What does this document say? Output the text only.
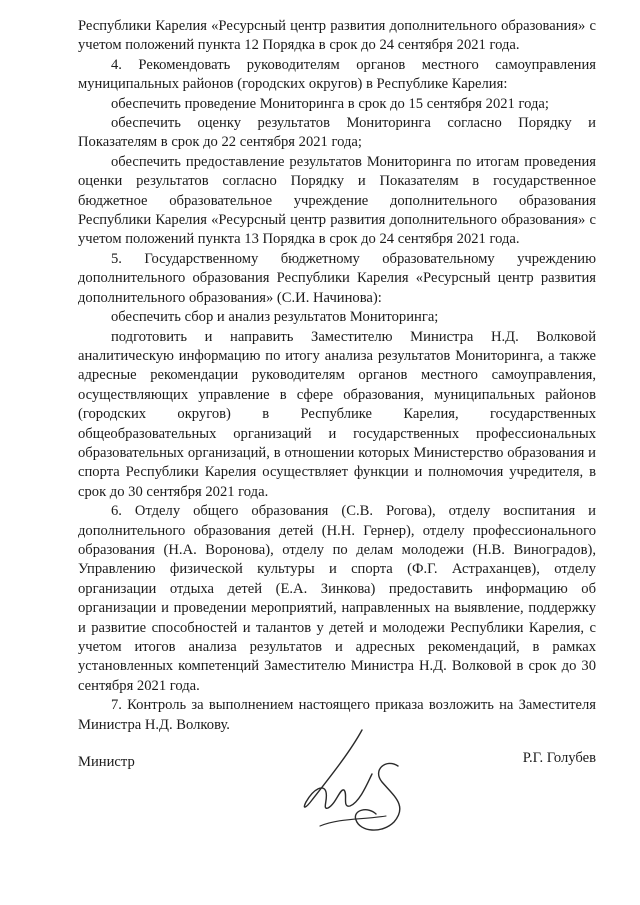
Республики Карелия «Ресурсный центр развития дополнительного образования» с учетом положений пункта 12 Порядка в срок до 24 сентября 2021 года.

4. Рекомендовать руководителям органов местного самоуправления муниципальных районов (городских округов) в Республике Карелия:

обеспечить проведение Мониторинга в срок до 15 сентября 2021 года;

обеспечить оценку результатов Мониторинга согласно Порядку и Показателям в срок до 22 сентября 2021 года;

обеспечить предоставление результатов Мониторинга по итогам проведения оценки результатов согласно Порядку и Показателям в государственное бюджетное образовательное учреждение дополнительного образования Республики Карелия «Ресурсный центр развития дополнительного образования» с учетом положений пункта 13 Порядка в срок до 24 сентября 2021 года.

5. Государственному бюджетному образовательному учреждению дополнительного образования Республики Карелия «Ресурсный центр развития дополнительного образования» (С.И. Начинова):

обеспечить сбор и анализ результатов Мониторинга;

подготовить и направить Заместителю Министра Н.Д. Волковой аналитическую информацию по итогу анализа результатов Мониторинга, а также адресные рекомендации руководителям органов местного самоуправления, осуществляющих управление в сфере образования, муниципальных районов (городских округов) в Республике Карелия, государственных общеобразовательных организаций и государственных профессиональных образовательных организаций, в отношении которых Министерство образования и спорта Республики Карелия осуществляет функции и полномочия учредителя, в срок до 30 сентября 2021 года.

6. Отделу общего образования (С.В. Рогова), отделу воспитания и дополнительного образования детей (Н.Н. Гернер), отделу профессионального образования (Н.А. Воронова), отделу по делам молодежи (Н.В. Виноградов), Управлению физической культуры и спорта (Ф.Г. Астраханцев), отделу организации отдыха детей (Е.А. Зинкова) предоставить информацию об организации и проведении мероприятий, направленных на выявление, поддержку и развитие способностей и талантов у детей и молодежи Республики Карелия, с учетом итогов анализа результатов и адресных рекомендаций, в рамках установленных компетенций Заместителю Министра Н.Д. Волковой в срок до 30 сентября 2021 года.

7. Контроль за выполнением настоящего приказа возложить на Заместителя Министра Н.Д. Волкову.

Министр	Р.Г. Голубев
